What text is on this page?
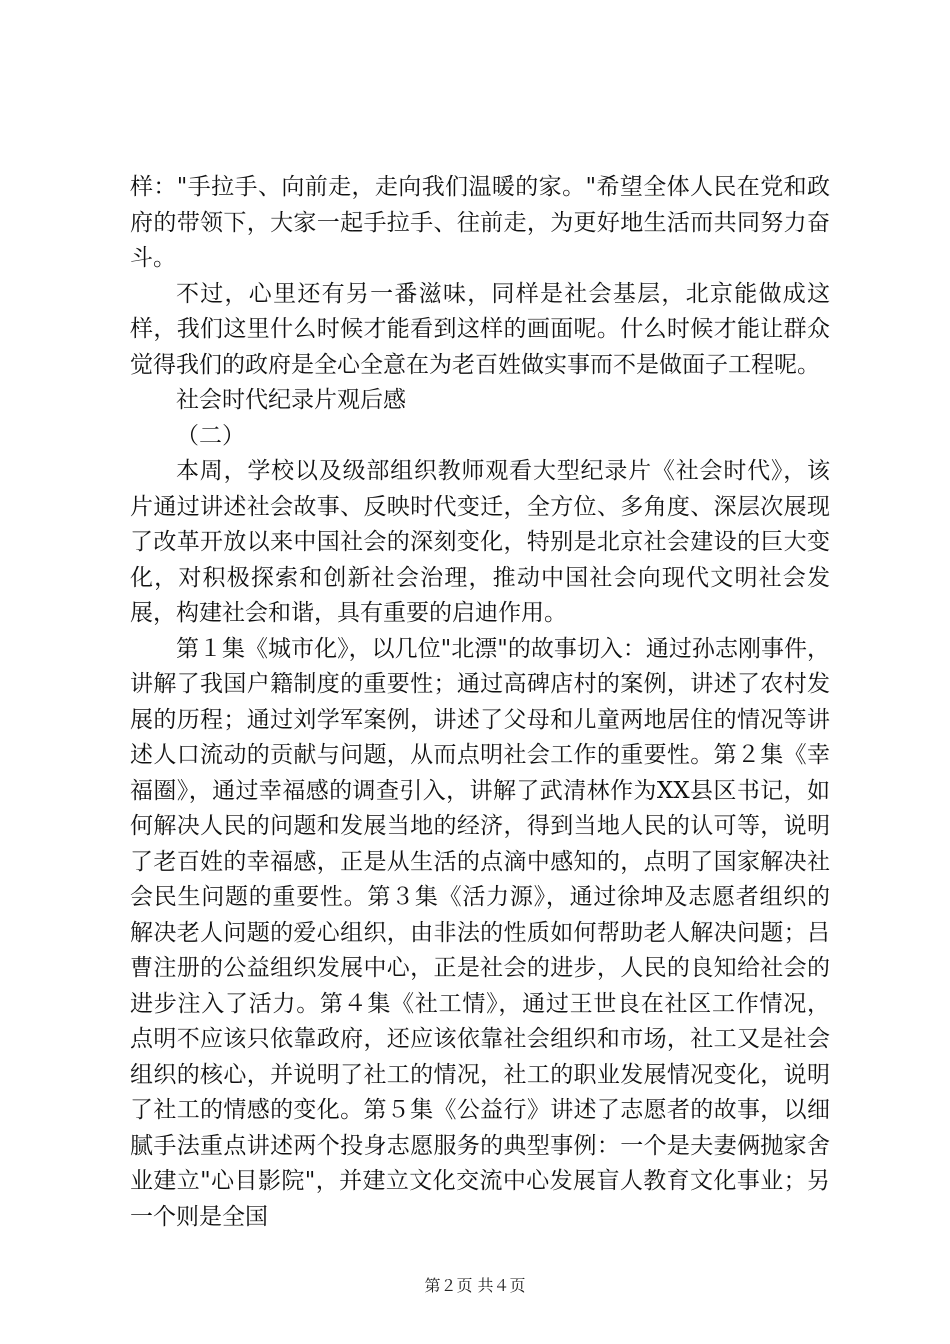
样："手拉手、向前走，走向我们温暖的家。"希望全体人民在党和政府的带领下，大家一起手拉手、往前走，为更好地生活而共同努力奋斗。

不过，心里还有另一番滋味，同样是社会基层，北京能做成这样，我们这里什么时候才能看到这样的画面呢。什么时候才能让群众觉得我们的政府是全心全意在为老百姓做实事而不是做面子工程呢。

社会时代纪录片观后感

（二）

本周，学校以及级部组织教师观看大型纪录片《社会时代》，该片通过讲述社会故事、反映时代变迁，全方位、多角度、深层次展现了改革开放以来中国社会的深刻变化，特别是北京社会建设的巨大变化，对积极探索和创新社会治理，推动中国社会向现代文明社会发展，构建社会和谐，具有重要的启迪作用。

第１集《城市化》，以几位"北漂"的故事切入：通过孙志刚事件，讲解了我国户籍制度的重要性；通过高碑店村的案例，讲述了农村发展的历程；通过刘学军案例，讲述了父母和儿童两地居住的情况等讲述人口流动的贡献与问题，从而点明社会工作的重要性。第２集《幸福圈》，通过幸福感的调查引入，讲解了武清林作为XX县区书记，如何解决人民的问题和发展当地的经济，得到当地人民的认可等，说明了老百姓的幸福感，正是从生活的点滴中感知的，点明了国家解决社会民生问题的重要性。第３集《活力源》，通过徐坤及志愿者组织的解决老人问题的爱心组织，由非法的性质如何帮助老人解决问题；吕曹注册的公益组织发展中心，正是社会的进步，人民的良知给社会的进步注入了活力。第４集《社工情》，通过王世良在社区工作情况，点明不应该只依靠政府，还应该依靠社会组织和市场，社工又是社会组织的核心，并说明了社工的情况，社工的职业发展情况变化，说明了社工的情感的变化。第５集《公益行》讲述了志愿者的故事，以细腻手法重点讲述两个投身志愿服务的典型事例：一个是夫妻俩抛家舍业建立"心目影院"，并建立文化交流中心发展盲人教育文化事业；另一个则是全国

第２页 共４页
